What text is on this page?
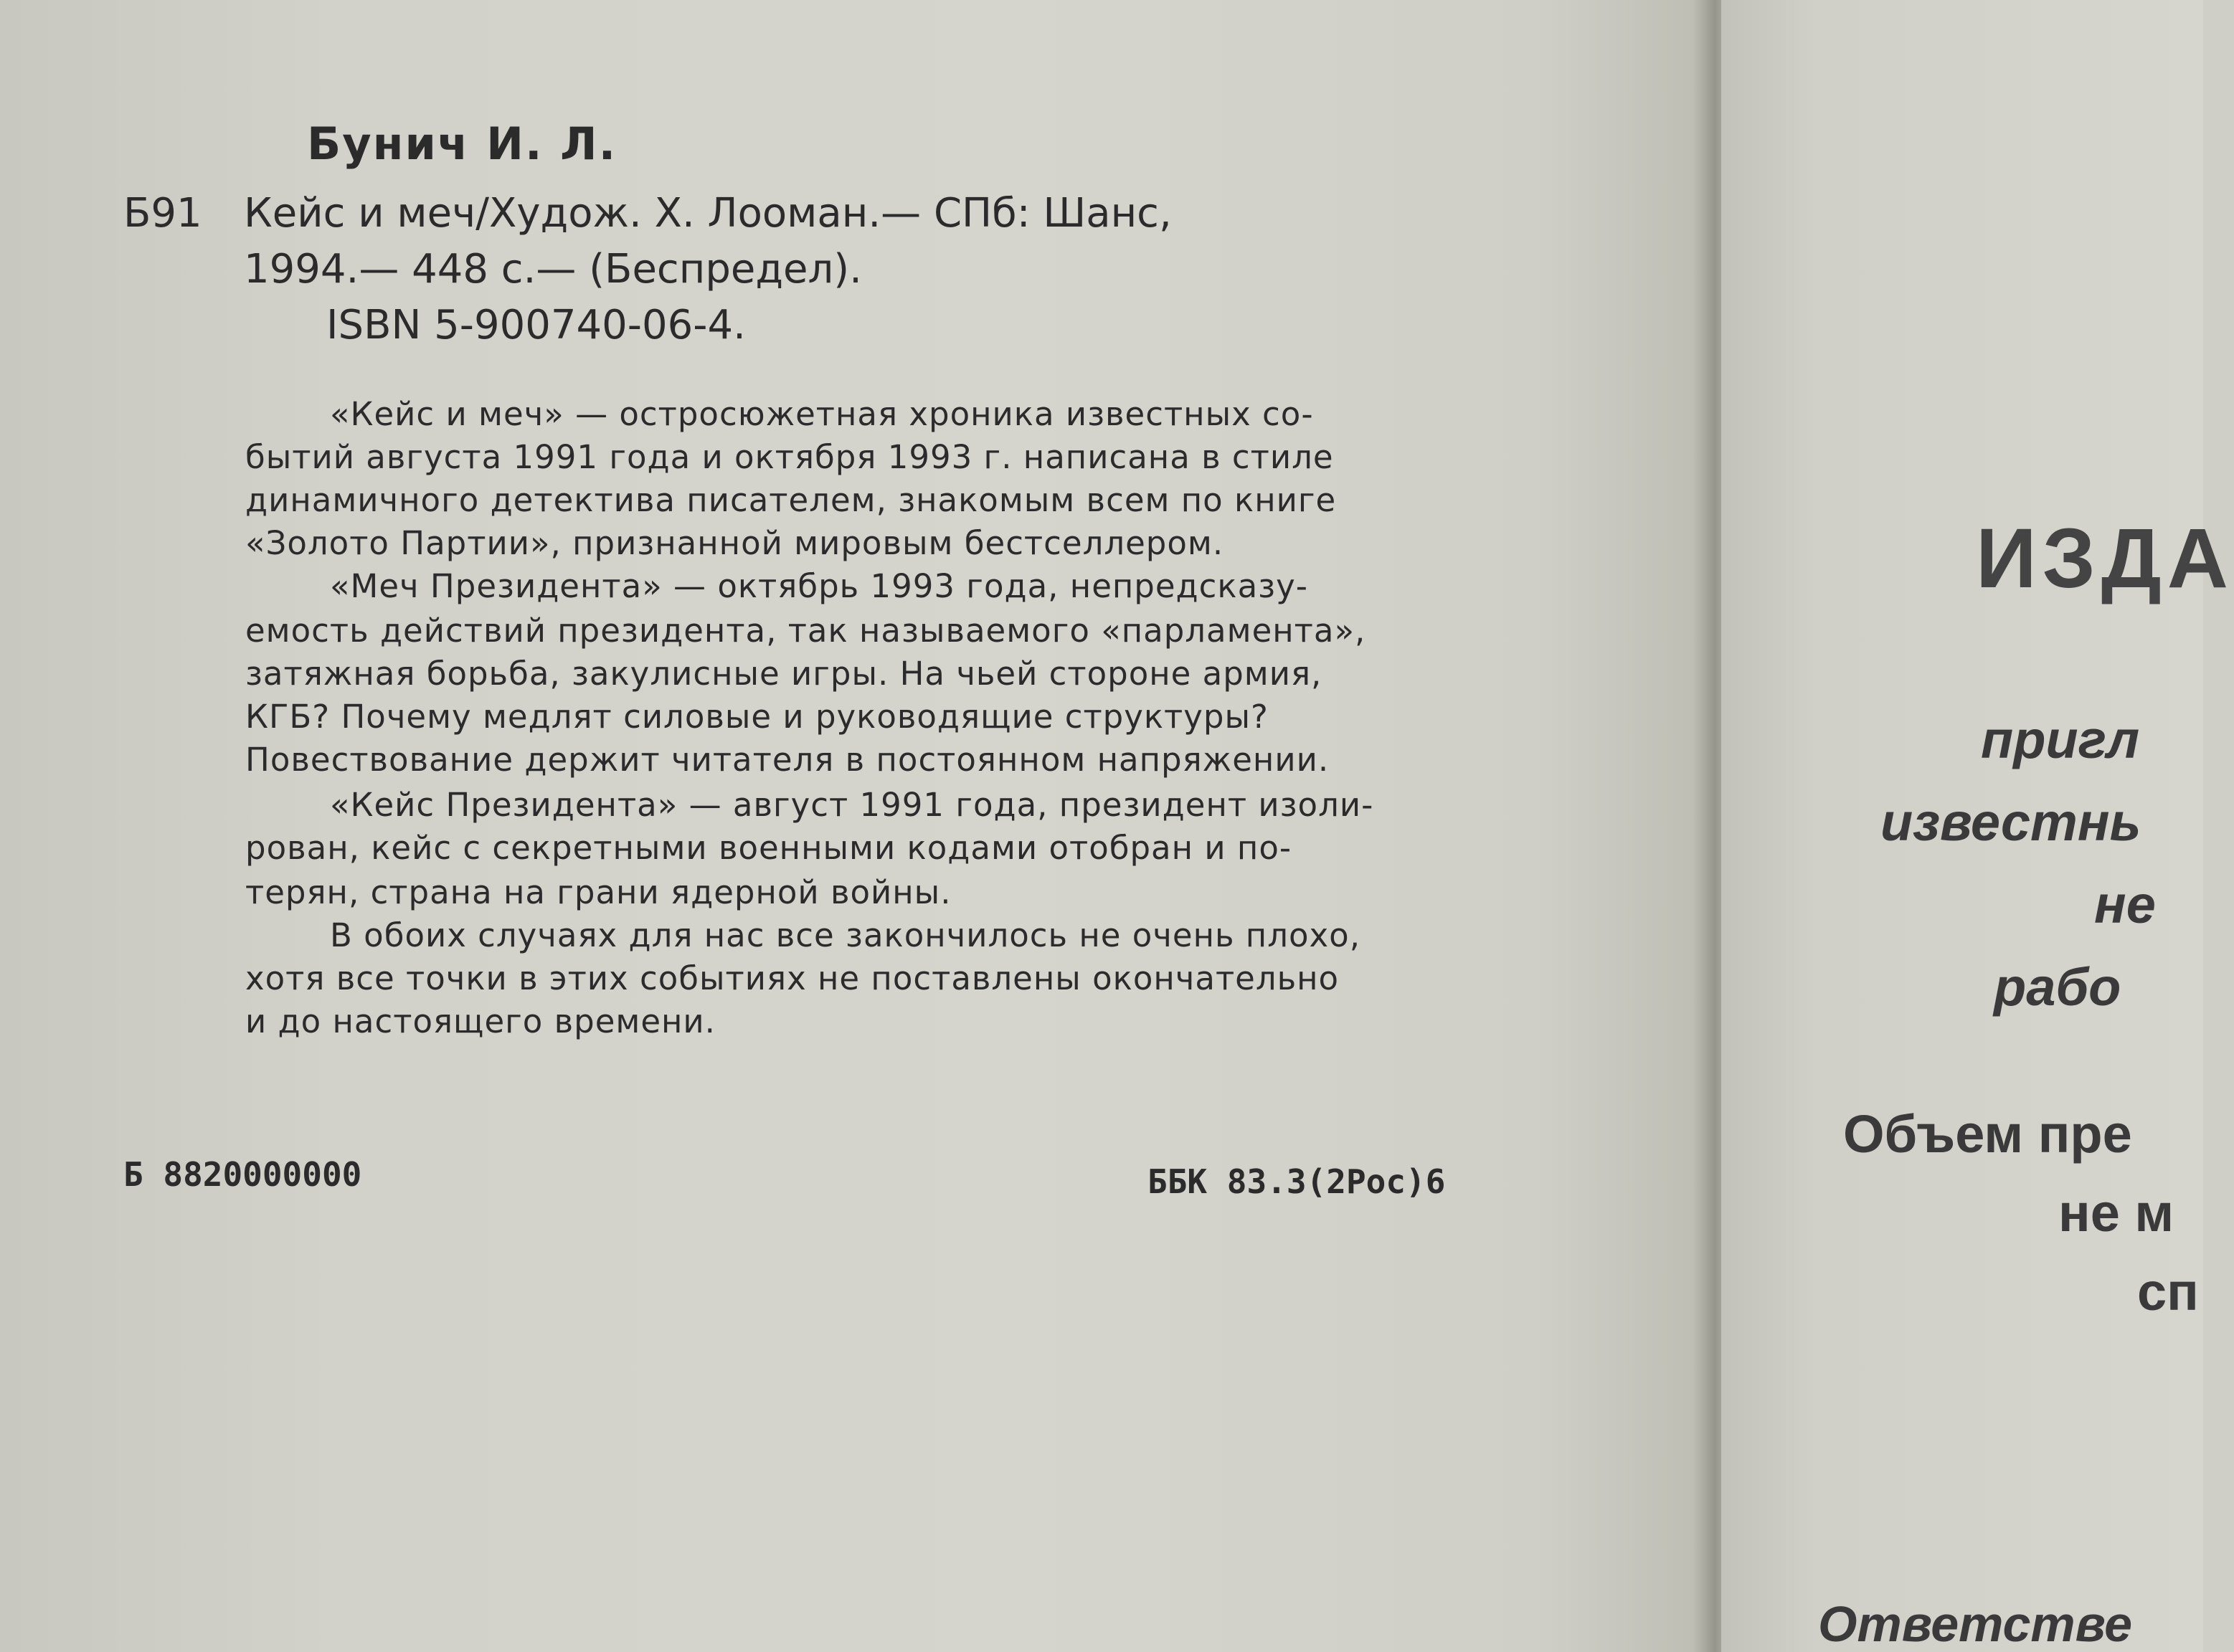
Бунич И. Л.
Б91 Кейс и меч/Худож. Х. Лооман.— СПб: Шанс,
1994.— 448 с.— (Беспредел).
ISBN 5-900740-06-4.
«Кейс и меч» — остросюжетная хроника известных со-
бытий августа 1991 года и октября 1993 г. написана в стиле
динамичного детектива писателем, знакомым всем по книге
«Золото Партии», признанной мировым бестселлером.
«Меч Президента» — октябрь 1993 года, непредсказу-
емость действий президента, так называемого «парламента»,
затяжная борьба, закулисные игры. На чьей стороне армия,
КГБ? Почему медлят силовые и руководящие структуры?
Повествование держит читателя в постоянном напряжении.
«Кейс Президента» — август 1991 года, президент изоли-
рован, кейс с секретными военными кодами отобран и по-
терян, страна на грани ядерной войны.
В обоих случаях для нас все закончилось не очень плохо,
хотя все точки в этих событиях не поставлены окончательно
и до настоящего времени.
Б 8820000000	ББК 83.3(2Рос)6
ИЗДА
пригл
известнь
не
рабо
Объем пре
не м
сп
Ответстве
